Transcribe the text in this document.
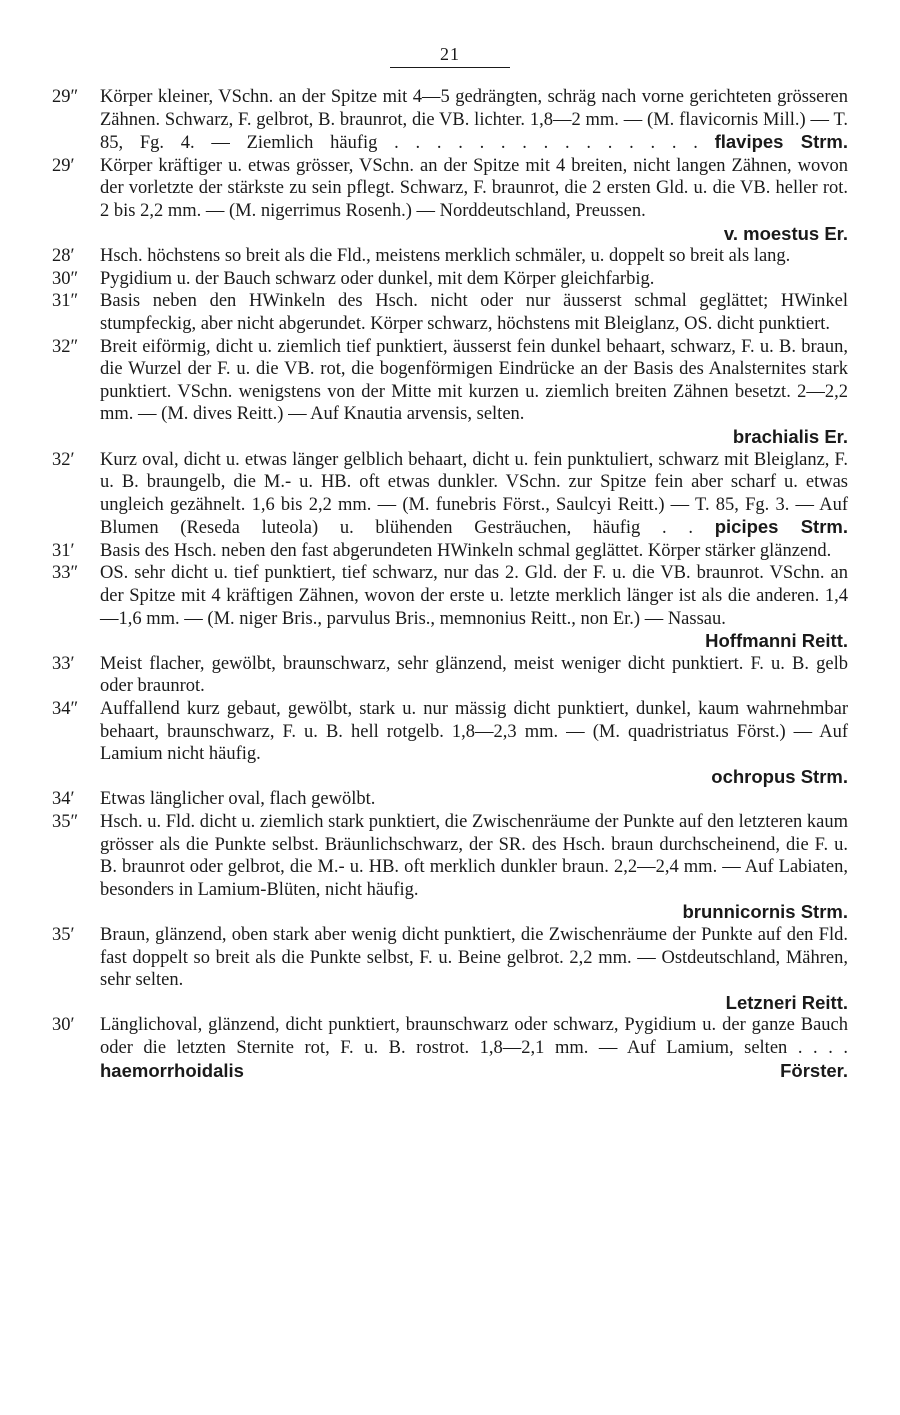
21
29″	Körper kleiner, VSchn. an der Spitze mit 4—5 gedrängten, schräg nach vorne gerichteten grösseren Zähnen. Schwarz, F. gelbrot, B. braunrot, die VB. lichter. 1,8—2 mm. — (M. flavicornis Mill.) — T. 85, Fg. 4. — Ziemlich häufig . . . . . . . . . . . . . . . flavipes Strm.
29′	Körper kräftiger u. etwas grösser, VSchn. an der Spitze mit 4 breiten, nicht langen Zähnen, wovon der vorletzte der stärkste zu sein pflegt. Schwarz, F. braunrot, die 2 ersten Gld. u. die VB. heller rot. 2 bis 2,2 mm. — (M. nigerrimus Rosenh.) — Norddeutschland, Preussen.
v. moestus Er.
28′	Hsch. höchstens so breit als die Fld., meistens merklich schmäler, u. doppelt so breit als lang.
30″	Pygidium u. der Bauch schwarz oder dunkel, mit dem Körper gleichfarbig.
31″	Basis neben den HWinkeln des Hsch. nicht oder nur äusserst schmal geglättet; HWinkel stumpfeckig, aber nicht abgerundet. Körper schwarz, höchstens mit Bleiglanz, OS. dicht punktiert.
32″	Breit eiförmig, dicht u. ziemlich tief punktiert, äusserst fein dunkel behaart, schwarz, F. u. B. braun, die Wurzel der F. u. die VB. rot, die bogenförmigen Eindrücke an der Basis des Analsternites stark punktiert. VSchn. wenigstens von der Mitte mit kurzen u. ziemlich breiten Zähnen besetzt. 2—2,2 mm. — (M. dives Reitt.) — Auf Knautia arvensis, selten.
brachialis Er.
32′	Kurz oval, dicht u. etwas länger gelblich behaart, dicht u. fein punktuliert, schwarz mit Bleiglanz, F. u. B. braungelb, die M.- u. HB. oft etwas dunkler. VSchn. zur Spitze fein aber scharf u. etwas ungleich gezähnelt. 1,6 bis 2,2 mm. — (M. funebris Först., Saulcyi Reitt.) — T. 85, Fg. 3. — Auf Blumen (Reseda luteola) u. blühenden Gesträuchen, häufig . . picipes Strm.
31′	Basis des Hsch. neben den fast abgerundeten HWinkeln schmal geglättet. Körper stärker glänzend.
33″	OS. sehr dicht u. tief punktiert, tief schwarz, nur das 2. Gld. der F. u. die VB. braunrot. VSchn. an der Spitze mit 4 kräftigen Zähnen, wovon der erste u. letzte merklich länger ist als die anderen. 1,4—1,6 mm. — (M. niger Bris., parvulus Bris., memnonius Reitt., non Er.) — Nassau.
Hoffmanni Reitt.
33′	Meist flacher, gewölbt, braunschwarz, sehr glänzend, meist weniger dicht punktiert. F. u. B. gelb oder braunrot.
34″	Auffallend kurz gebaut, gewölbt, stark u. nur mässig dicht punktiert, dunkel, kaum wahrnehmbar behaart, braunschwarz, F. u. B. hell rotgelb. 1,8—2,3 mm. — (M. quadristriatus Först.) — Auf Lamium nicht häufig.
ochropus Strm.
34′	Etwas länglicher oval, flach gewölbt.
35″	Hsch. u. Fld. dicht u. ziemlich stark punktiert, die Zwischenräume der Punkte auf den letzteren kaum grösser als die Punkte selbst. Bräunlichschwarz, der SR. des Hsch. braun durchscheinend, die F. u. B. braunrot oder gelbrot, die M.- u. HB. oft merklich dunkler braun. 2,2—2,4 mm. — Auf Labiaten, besonders in Lamium-Blüten, nicht häufig.
brunnicornis Strm.
35′	Braun, glänzend, oben stark aber wenig dicht punktiert, die Zwischenräume der Punkte auf den Fld. fast doppelt so breit als die Punkte selbst, F. u. Beine gelbrot. 2,2 mm. — Ostdeutschland, Mähren, sehr selten.
Letzneri Reitt.
30′	Länglichoval, glänzend, dicht punktiert, braunschwarz oder schwarz, Pygidium u. der ganze Bauch oder die letzten Sternite rot, F. u. B. rostrot. 1,8—2,1 mm. — Auf Lamium, selten . . . . haemorrhoidalis Förster.
